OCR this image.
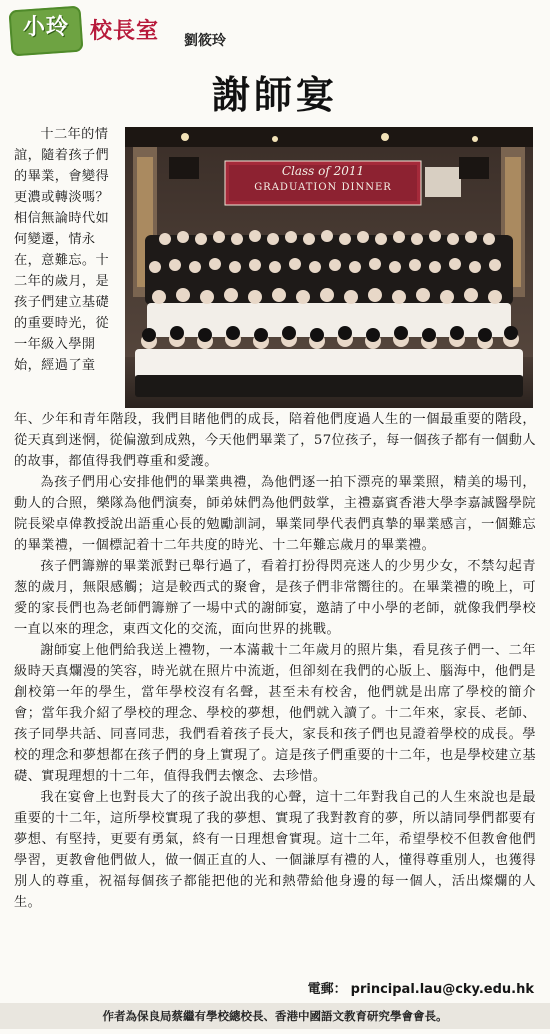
小玲 校長室 劉筱玲
謝師宴

十二年的情誼，隨着孩子們的畢業，會變得更濃或轉淡嗎？相信無論時代如何變遷，情永在，意難忘。十二年的歲月，是孩子們建立基礎的重要時光，從一年級入學開始，經過了童

Class of 2011
GRADUATION DINNER

年、少年和青年階段，我們目睹他們的成長，陪着他們度過人生的一個最重要的階段，從天真到迷惘，從偏激到成熟，今天他們畢業了，57位孩子，每一個孩子都有一個動人的故事，都值得我們尊重和愛護。

為孩子們用心安排他們的畢業典禮，為他們逐一拍下漂亮的畢業照，精美的場刊，動人的合照，樂隊為他們演奏，師弟妹們為他們鼓掌，主禮嘉賓香港大學李嘉誠醫學院院長梁卓偉教授說出語重心長的勉勵訓詞，畢業同學代表們真摯的畢業感言，一個難忘的畢業禮，一個標記着十二年共度的時光、十二年難忘歲月的畢業禮。

孩子們籌辦的畢業派對已舉行過了，看着打扮得閃亮迷人的少男少女，不禁勾起青葱的歲月，無限感觸；這是較西式的聚會，是孩子們非常嚮往的。在畢業禮的晚上，可愛的家長們也為老師們籌辦了一場中式的謝師宴，邀請了中小學的老師，就像我們學校一直以來的理念，東西文化的交流，面向世界的挑戰。

謝師宴上他們給我送上禮物，一本滿載十二年歲月的照片集，看見孩子們一、二年級時天真爛漫的笑容，時光就在照片中流逝，但卻刻在我們的心版上、腦海中，他們是創校第一年的學生，當年學校沒有名聲，甚至未有校舍，他們就是出席了學校的簡介會；當年我介紹了學校的理念、學校的夢想，他們就入讀了。十二年來，家長、老師、孩子同學共話、同喜同悲，我們看着孩子長大，家長和孩子們也見證着學校的成長。學校的理念和夢想都在孩子們的身上實現了。這是孩子們重要的十二年，也是學校建立基礎、實現理想的十二年，值得我們去懷念、去珍惜。

我在宴會上也對長大了的孩子說出我的心聲，這十二年對我自己的人生來說也是最重要的十二年，這所學校實現了我的夢想、實現了我對教育的夢，所以請同學們都要有夢想、有堅持，更要有勇氣，終有一日理想會實現。這十二年，希望學校不但教會他們學習，更教會他們做人，做一個正直的人、一個謙厚有禮的人，懂得尊重別人，也獲得別人的尊重，祝福每個孩子都能把他的光和熱帶給他身邊的每一個人，活出燦爛的人生。

電郵： principal.lau@cky.edu.hk
作者為保良局蔡繼有學校總校長、香港中國語文教育研究學會會長。
